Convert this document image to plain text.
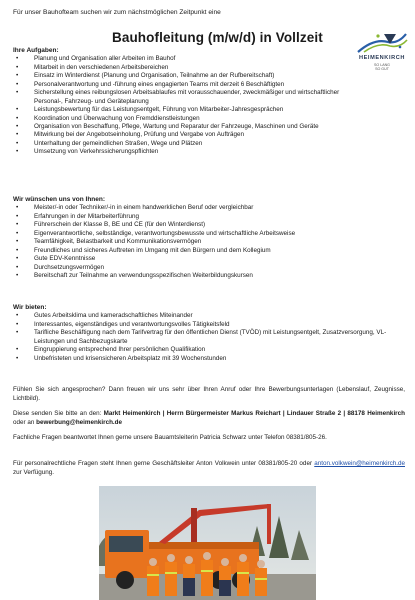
Für unser Bauhofteam suchen wir zum nächstmöglichen Zeitpunkt eine
Bauhofleitung (m/w/d) in Vollzeit
HEIMENKIRCH
SO LANG
SO GUT
Ihre Aufgaben:
• Planung und Organisation aller Arbeiten im Bauhof
• Mitarbeit in den verschiedenen Arbeitsbereichen
• Einsatz im Winterdienst (Planung und Organisation, Teilnahme an der Rufbereitschaft)
• Personalverantwortung und -führung eines engagierten Teams mit derzeit 6 Beschäftigten
• Sicherstellung eines reibungslosen Arbeitsablaufes mit vorausschauender, zweckmäßiger und wirtschaftlicher Personal-, Fahrzeug- und Geräteplanung
• Leistungsbewertung für das Leistungsentgelt, Führung von Mitarbeiter-Jahresgesprächen
• Koordination und Überwachung von Fremddienstleistungen
• Organisation von Beschaffung, Pflege, Wartung und Reparatur der Fahrzeuge, Maschinen und Geräte
• Mitwirkung bei der Angebotseinholung, Prüfung und Vergabe von Aufträgen
• Unterhaltung der gemeindlichen Straßen, Wege und Plätzen
• Umsetzung von Verkehrssicherungspflichten
Wir wünschen uns von Ihnen:
• Meister/-in oder Techniker/-in in einem handwerklichen Beruf oder vergleichbar
• Erfahrungen in der Mitarbeiterführung
• Führerschein der Klasse B, BE und CE (für den Winterdienst)
• Eigenverantwortliche, selbständige, verantwortungsbewusste und wirtschaftliche Arbeitsweise
• Teamfähigkeit, Belastbarkeit und Kommunikationsvermögen
• Freundliches und sicheres Auftreten im Umgang mit den Bürgern und dem Kollegium
• Gute EDV-Kenntnisse
• Durchsetzungsvermögen
• Bereitschaft zur Teilnahme an verwendungsspezifischen Weiterbildungskursen
Wir bieten:
• Gutes Arbeitsklima und kameradschaftliches Miteinander
• Interessantes, eigenständiges und verantwortungsvolles Tätigkeitsfeld
• Tarifliche Beschäftigung nach dem Tarifvertrag für den öffentlichen Dienst (TVÖD) mit Leistungsentgelt, Zusatzversorgung, VL-Leistungen und Sachbezugskarte
• Eingruppierung entsprechend Ihrer persönlichen Qualifikation
• Unbefristeten und krisensicheren Arbeitsplatz mit 39 Wochenstunden

Fühlen Sie sich angesprochen? Dann freuen wir uns sehr über Ihren Anruf oder Ihre Bewerbungsunterlagen (Lebenslauf, Zeugnisse, Lichtbild).

Diese senden Sie bitte an den: Markt Heimenkirch | Herrn Bürgermeister Markus Reichart | Lindauer Straße 2 | 88178 Heimenkirch oder an bewerbung@heimenkirch.de

Fachliche Fragen beantwortet Ihnen gerne unsere Bauamtsleiterin Patricia Schwarz unter Telefon 08381/805-26.

Für personalrechtliche Fragen steht Ihnen gerne Geschäftsleiter Anton Volkwein unter 08381/805-20 oder anton.volkwein@heimenkirch.de zur Verfügung.
